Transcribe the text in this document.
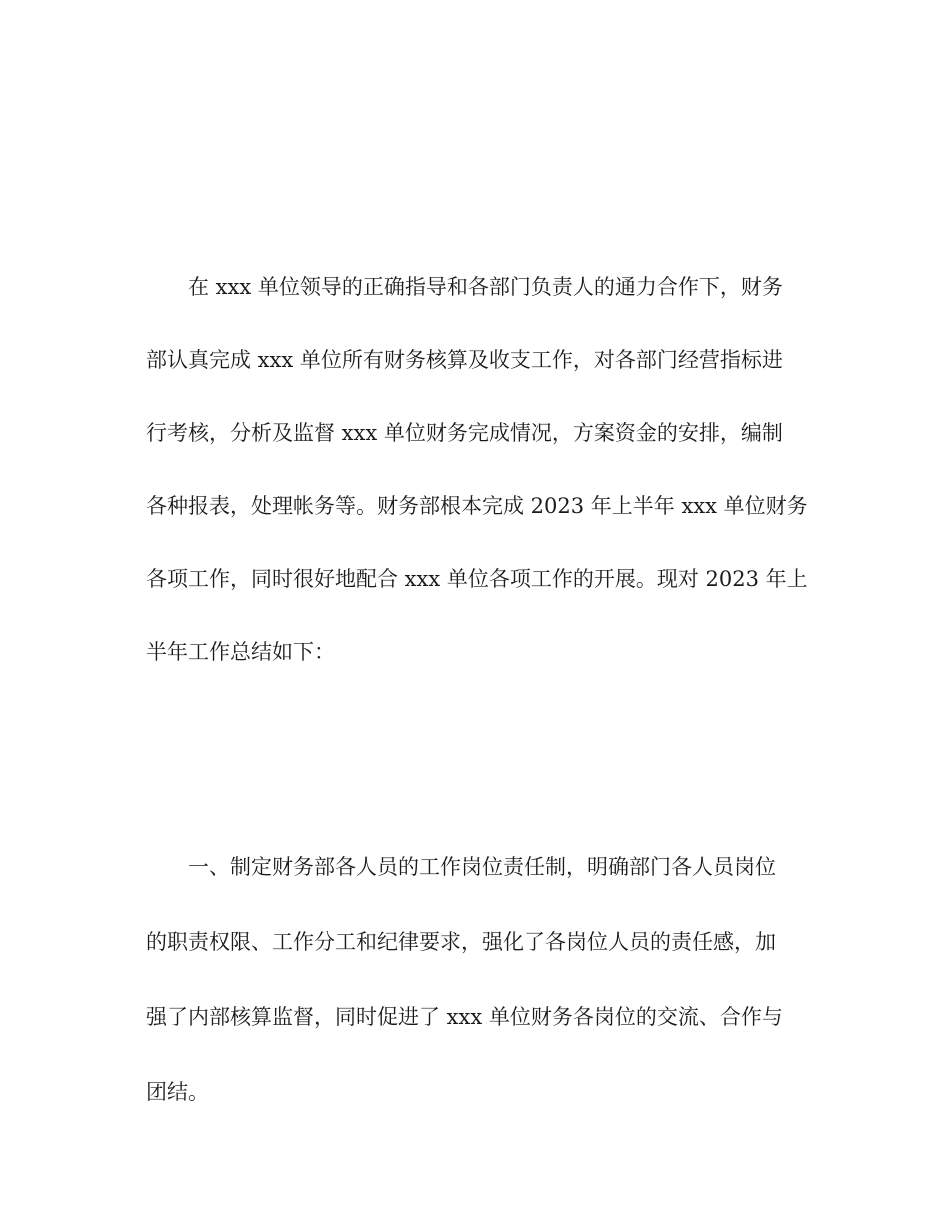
在 xxx 单位领导的正确指导和各部门负责人的通力合作下，财务
部认真完成 xxx 单位所有财务核算及收支工作，对各部门经营指标进
行考核，分析及监督 xxx 单位财务完成情况，方案资金的安排，编制
各种报表，处理帐务等。财务部根本完成 2023 年上半年 xxx 单位财务
各项工作，同时很好地配合 xxx 单位各项工作的开展。现对 2023 年上
半年工作总结如下：
一、制定财务部各人员的工作岗位责任制，明确部门各人员岗位
的职责权限、工作分工和纪律要求，强化了各岗位人员的责任感，加
强了内部核算监督，同时促进了 xxx 单位财务各岗位的交流、合作与
团结。
